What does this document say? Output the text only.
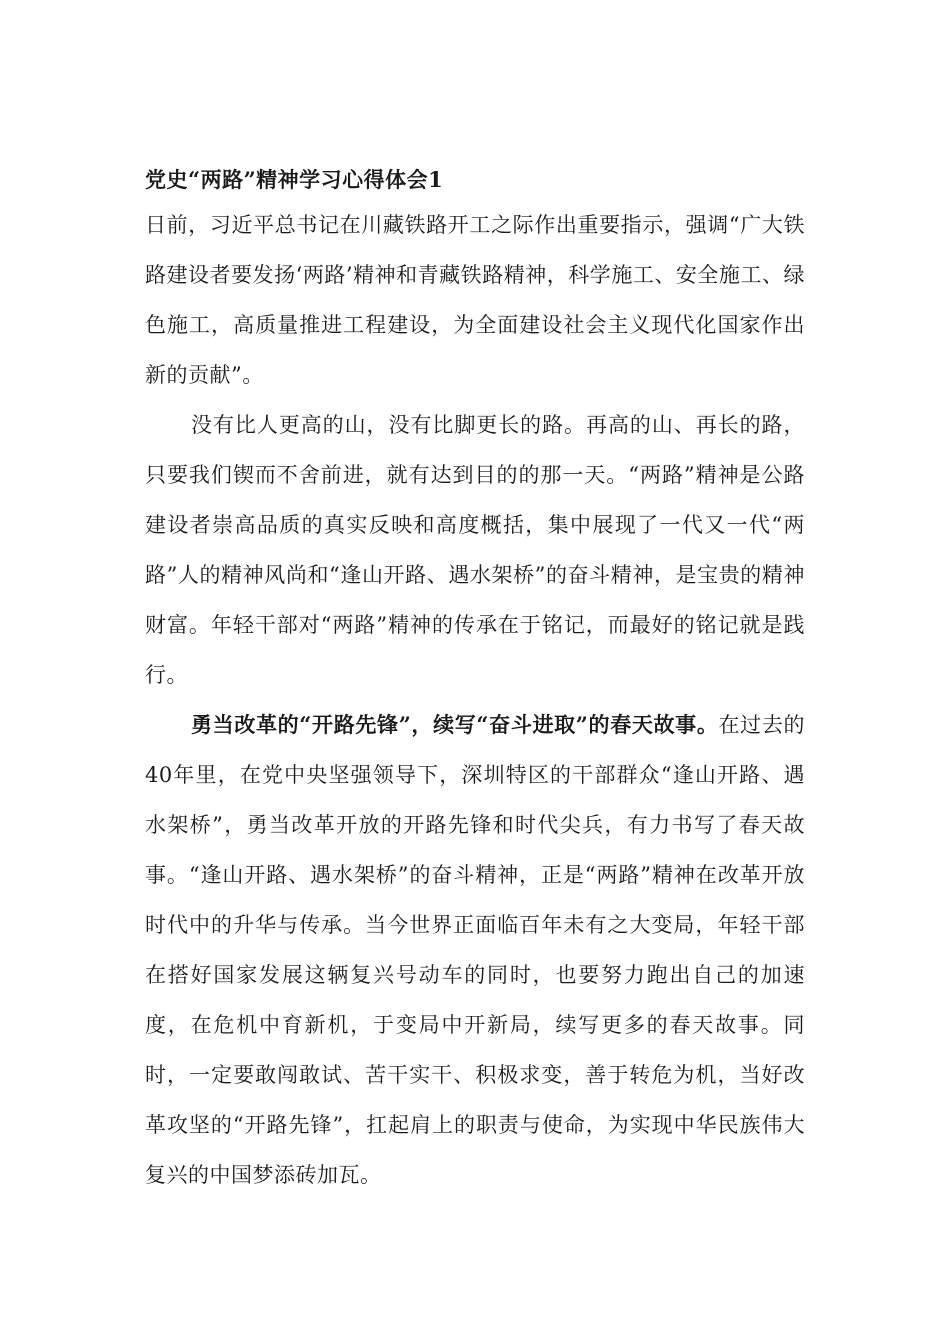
党史“两路”精神学习心得体会1

日前，习近平总书记在川藏铁路开工之际作出重要指示，强调“广大铁路建设者要发扬‘两路’精神和青藏铁路精神，科学施工、安全施工、绿色施工，高质量推进工程建设，为全面建设社会主义现代化国家作出新的贡献”。

没有比人更高的山，没有比脚更长的路。再高的山、再长的路，只要我们锲而不舍前进，就有达到目的的那一天。“两路”精神是公路建设者崇高品质的真实反映和高度概括，集中展现了一代又一代“两路”人的精神风尚和“逢山开路、遇水架桥”的奋斗精神，是宝贵的精神财富。年轻干部对“两路”精神的传承在于铭记，而最好的铭记就是践行。

勇当改革的“开路先锋”，续写“奋斗进取”的春天故事。在过去的40年里，在党中央坚强领导下，深圳特区的干部群众“逢山开路、遇水架桥”，勇当改革开放的开路先锋和时代尖兵，有力书写了春天故事。“逢山开路、遇水架桥”的奋斗精神，正是“两路”精神在改革开放时代中的升华与传承。当今世界正面临百年未有之大变局，年轻干部在搭好国家发展这辆复兴号动车的同时，也要努力跑出自己的加速度，在危机中育新机，于变局中开新局，续写更多的春天故事。同时，一定要敢闯敢试、苦干实干、积极求变，善于转危为机，当好改革攻坚的“开路先锋”，扛起肩上的职责与使命，为实现中华民族伟大复兴的中国梦添砖加瓦。
